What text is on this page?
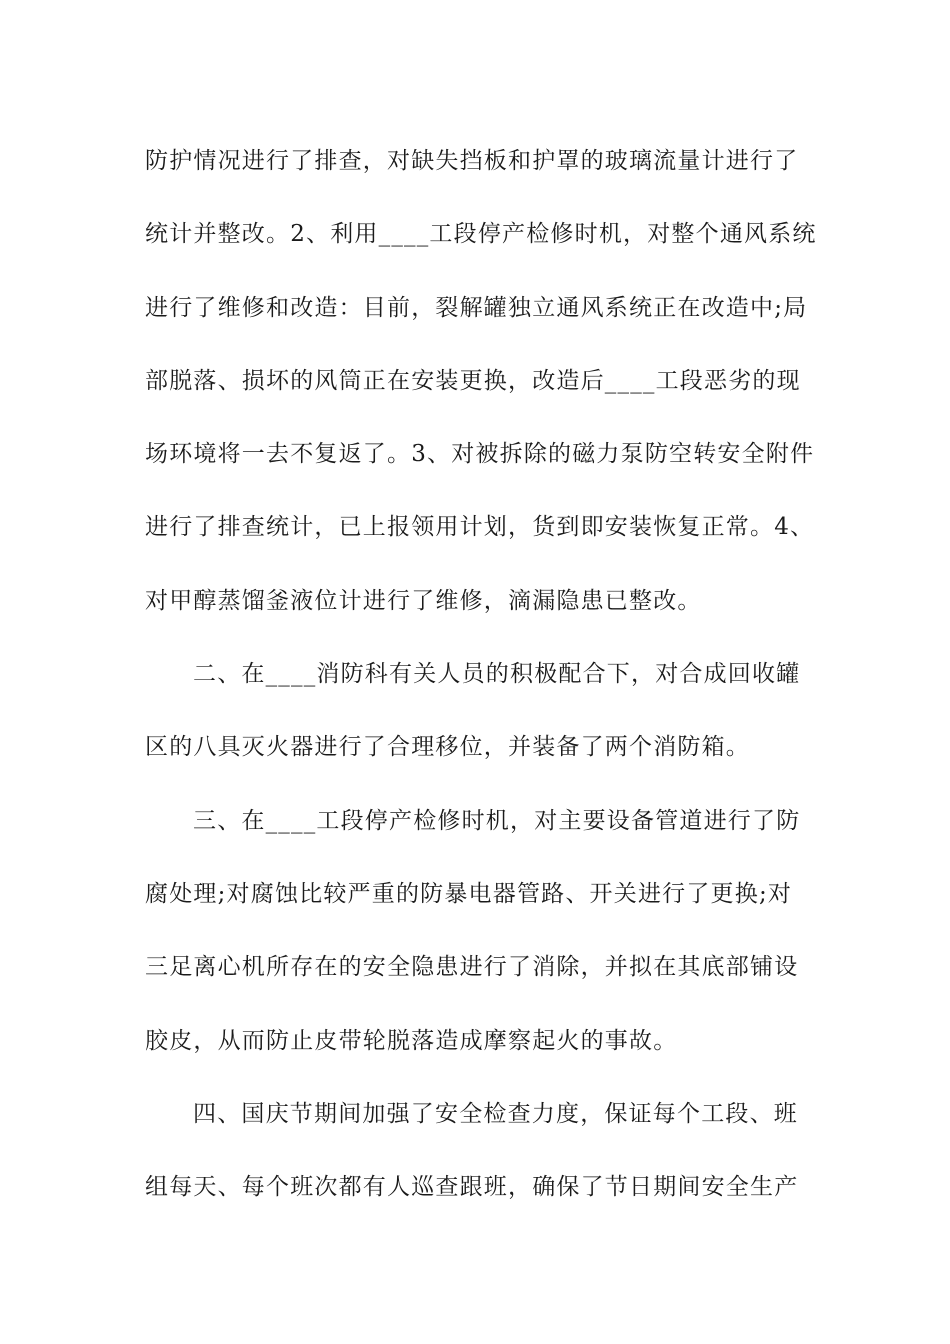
防护情况进行了排查，对缺失挡板和护罩的玻璃流量计进行了
统计并整改。2、利用____工段停产检修时机，对整个通风系统
进行了维修和改造：目前，裂解罐独立通风系统正在改造中;局
部脱落、损坏的风筒正在安装更换，改造后____工段恶劣的现
场环境将一去不复返了。3、对被拆除的磁力泵防空转安全附件
进行了排查统计，已上报领用计划，货到即安装恢复正常。4、
对甲醇蒸馏釜液位计进行了维修，滴漏隐患已整改。
二、在____消防科有关人员的积极配合下，对合成回收罐
区的八具灭火器进行了合理移位，并装备了两个消防箱。
三、在____工段停产检修时机，对主要设备管道进行了防
腐处理;对腐蚀比较严重的防暴电器管路、开关进行了更换;对
三足离心机所存在的安全隐患进行了消除，并拟在其底部铺设
胶皮，从而防止皮带轮脱落造成摩察起火的事故。
四、国庆节期间加强了安全检查力度，保证每个工段、班
组每天、每个班次都有人巡查跟班，确保了节日期间安全生产
